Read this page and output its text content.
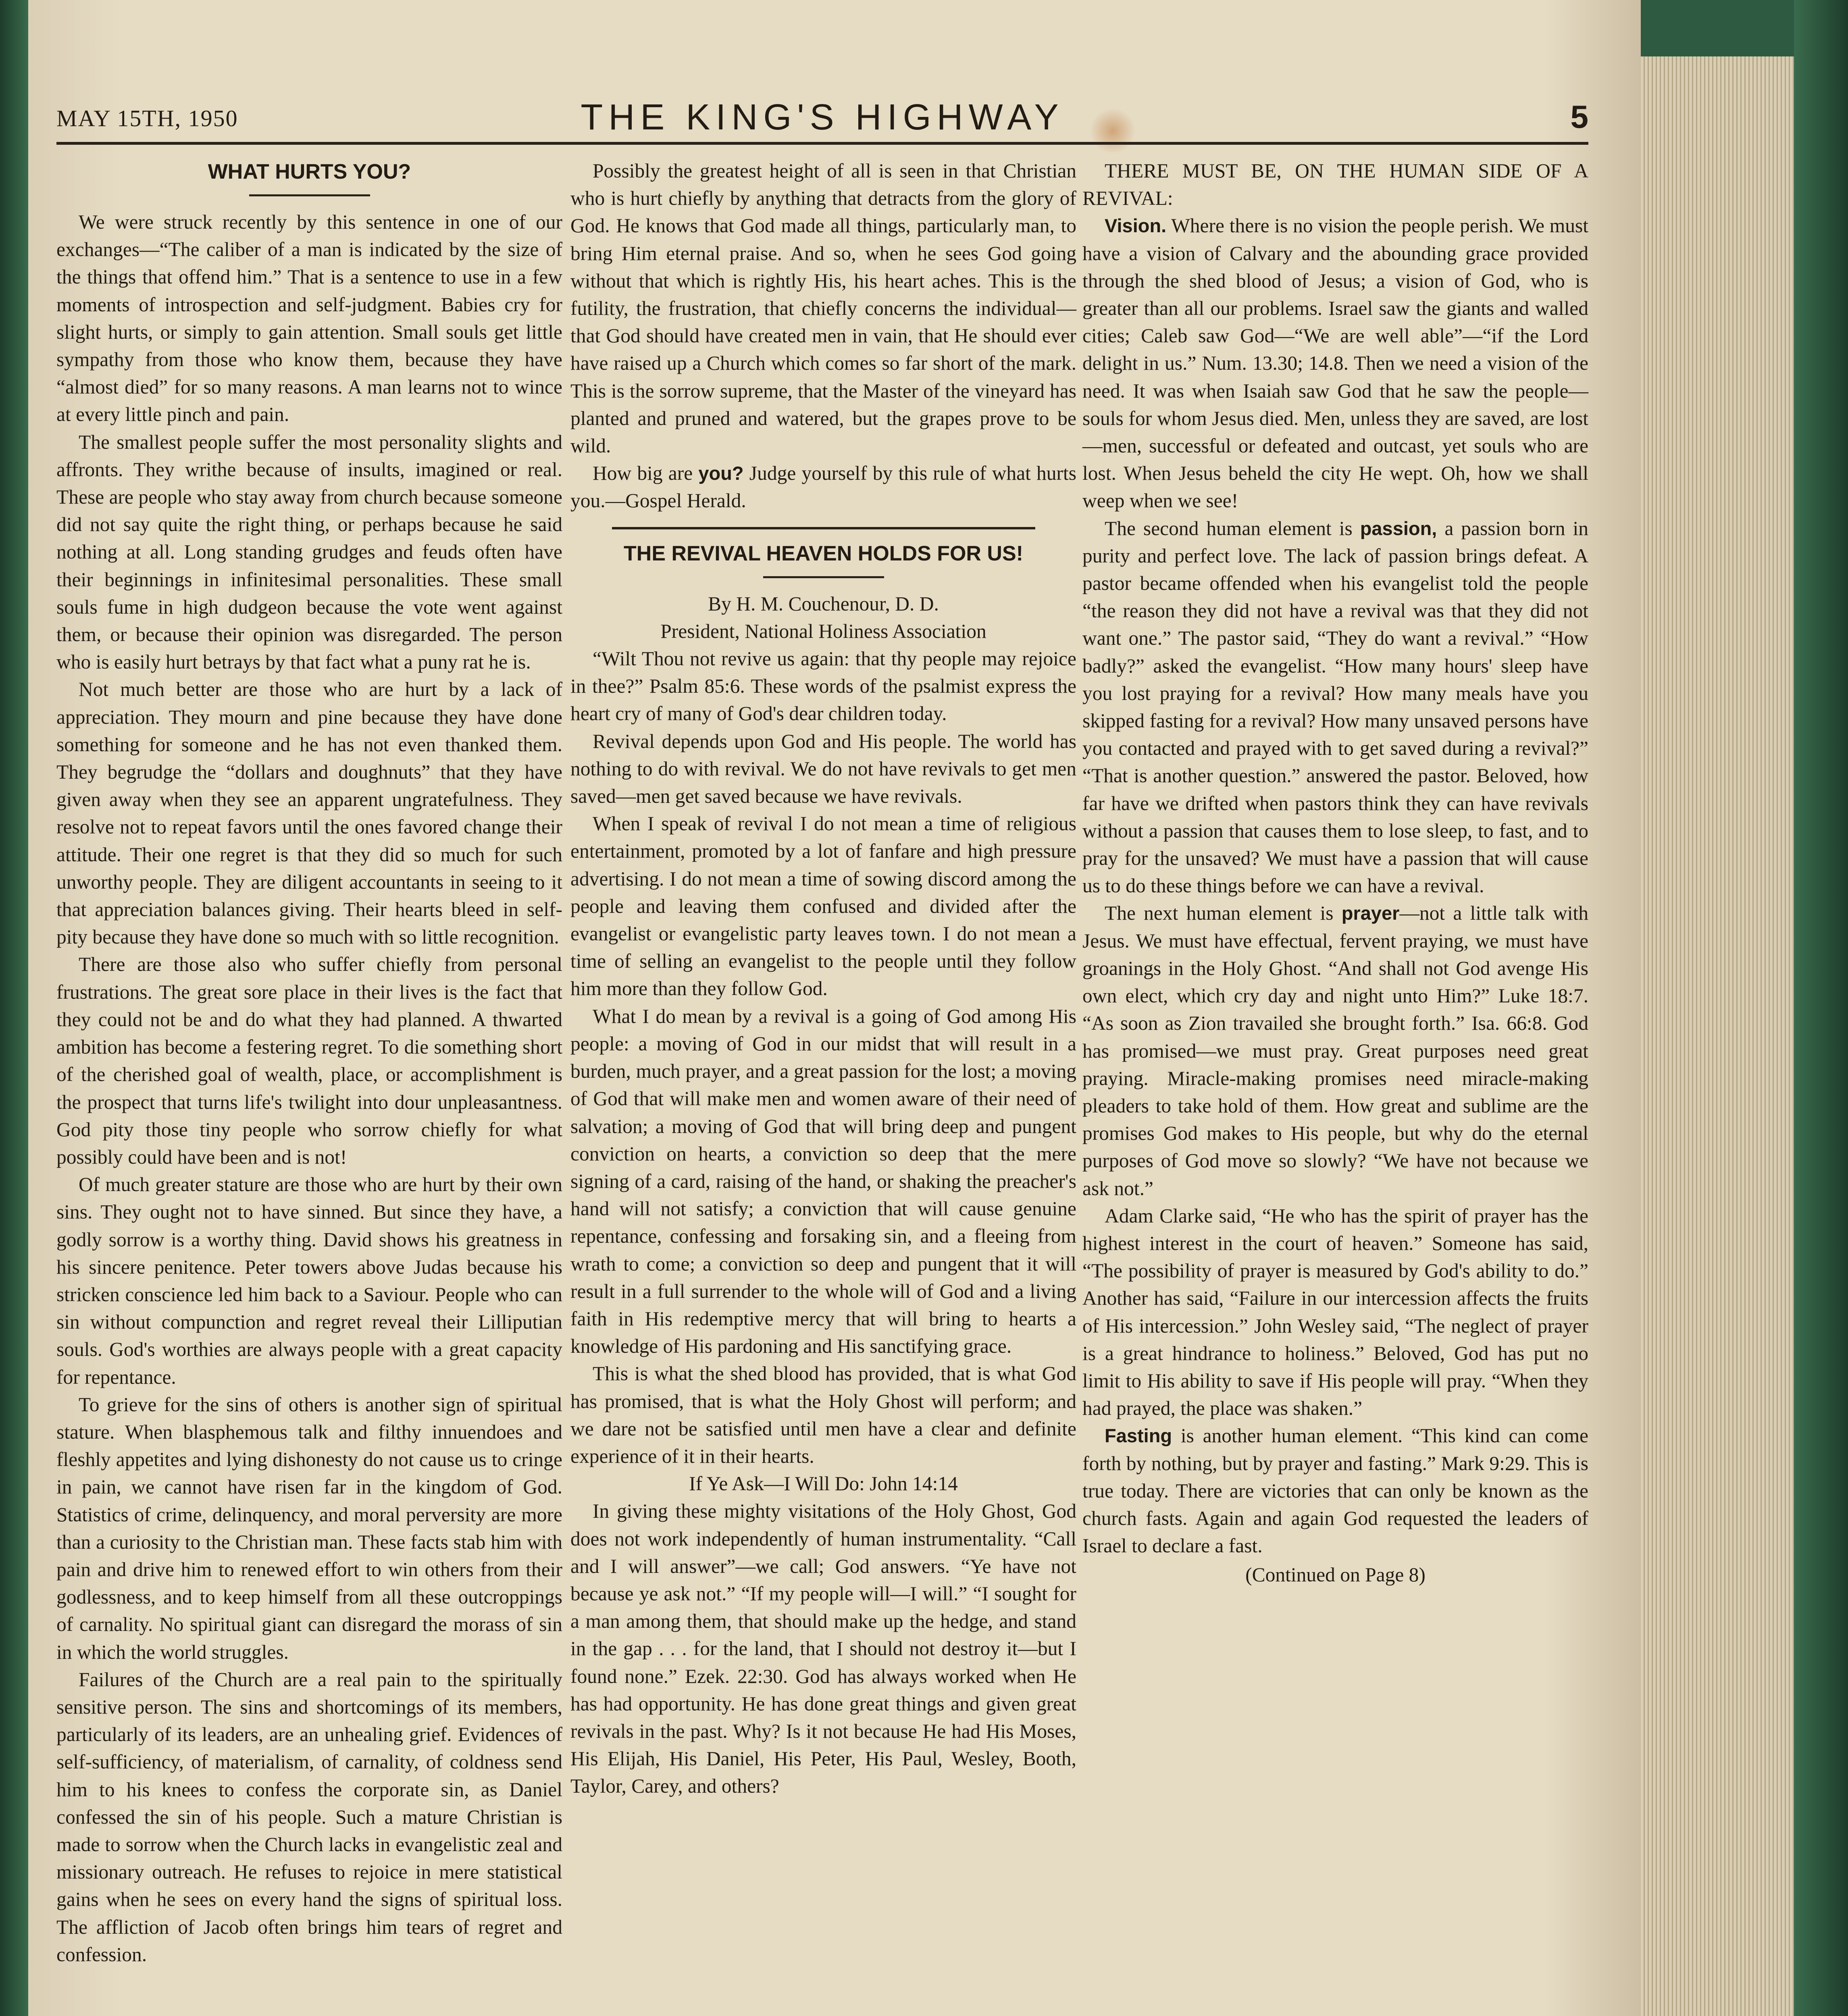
MAY 15TH, 1950	THE KING'S HIGHWAY	5
WHAT HURTS YOU?

We were struck recently by this sentence in one of our exchanges—“The caliber of a man is indicated by the size of the things that offend him.” That is a sentence to use in a few moments of introspection and self-judgment. Babies cry for slight hurts, or simply to gain attention. Small souls get little sympathy from those who know them, because they have “almost died” for so many reasons. A man learns not to wince at every little pinch and pain.

The smallest people suffer the most personality slights and affronts. They writhe because of insults, imagined or real. These are people who stay away from church because someone did not say quite the right thing, or perhaps because he said nothing at all. Long standing grudges and feuds often have their beginnings in infinitesimal personalities. These small souls fume in high dudgeon because the vote went against them, or because their opinion was disregarded. The person who is easily hurt betrays by that fact what a puny rat he is.

Not much better are those who are hurt by a lack of appreciation. They mourn and pine because they have done something for someone and he has not even thanked them. They begrudge the “dollars and doughnuts” that they have given away when they see an apparent ungratefulness. They resolve not to repeat favors until the ones favored change their attitude. Their one regret is that they did so much for such unworthy people. They are diligent accountants in seeing to it that appreciation balances giving. Their hearts bleed in self-pity because they have done so much with so little recognition.

There are those also who suffer chiefly from personal frustrations. The great sore place in their lives is the fact that they could not be and do what they had planned. A thwarted ambition has become a festering regret. To die something short of the cherished goal of wealth, place, or accomplishment is the prospect that turns life's twilight into dour unpleasantness. God pity those tiny people who sorrow chiefly for what possibly could have been and is not!

Of much greater stature are those who are hurt by their own sins. They ought not to have sinned. But since they have, a godly sorrow is a worthy thing. David shows his greatness in his sincere penitence. Peter towers above Judas because his stricken conscience led him back to a Saviour. People who can sin without compunction and regret reveal their Lilliputian souls. God's worthies are always people with a great capacity for repentance.

To grieve for the sins of others is another sign of spiritual stature. When blasphemous talk and filthy innuendoes and fleshly appetites and lying dishonesty do not cause us to cringe in pain, we cannot have risen far in the kingdom of God. Statistics of crime, delinquency, and moral perversity are more than a curiosity to the Christian man. These facts stab him with pain and drive him to renewed effort to win others from their godlessness, and to keep himself from all these outcroppings of carnality. No spiritual giant can disregard the morass of sin in which the world struggles.

Failures of the Church are a real pain to the spiritually sensitive person. The sins and shortcomings of its members, particularly of its leaders, are an unhealing grief. Evidences of self-sufficiency, of materialism, of carnality, of coldness send him to his knees to confess the corporate sin, as Daniel confessed the sin of his people. Such a mature Christian is made to sorrow when the Church lacks in evangelistic zeal and missionary outreach. He refuses to rejoice in mere statistical gains when he sees on every hand the signs of spiritual loss. The affliction of Jacob often brings him tears of regret and confession.

Possibly the greatest height of all is seen in that Christian who is hurt chiefly by anything that detracts from the glory of God. He knows that God made all things, particularly man, to bring Him eternal praise. And so, when he sees God going without that which is rightly His, his heart aches. This is the futility, the frustration, that chiefly concerns the individual—that God should have created men in vain, that He should ever have raised up a Church which comes so far short of the mark. This is the sorrow supreme, that the Master of the vineyard has planted and pruned and watered, but the grapes prove to be wild.

How big are you? Judge yourself by this rule of what hurts you.—Gospel Herald.

THE REVIVAL HEAVEN HOLDS FOR US!

By H. M. Couchenour, D. D.

President, National Holiness Association

“Wilt Thou not revive us again: that thy people may rejoice in thee?” Psalm 85:6. These words of the psalmist express the heart cry of many of God's dear children today.

Revival depends upon God and His people. The world has nothing to do with revival. We do not have revivals to get men saved—men get saved because we have revivals.

When I speak of revival I do not mean a time of religious entertainment, promoted by a lot of fanfare and high pressure advertising. I do not mean a time of sowing discord among the people and leaving them confused and divided after the evangelist or evangelistic party leaves town. I do not mean a time of selling an evangelist to the people until they follow him more than they follow God.

What I do mean by a revival is a going of God among His people: a moving of God in our midst that will result in a burden, much prayer, and a great passion for the lost; a moving of God that will make men and women aware of their need of salvation; a moving of God that will bring deep and pungent conviction on hearts, a conviction so deep that the mere signing of a card, raising of the hand, or shaking the preacher's hand will not satisfy; a conviction that will cause genuine repentance, confessing and forsaking sin, and a fleeing from wrath to come; a conviction so deep and pungent that it will result in a full surrender to the whole will of God and a living faith in His redemptive mercy that will bring to hearts a knowledge of His pardoning and His sanctifying grace.

This is what the shed blood has provided, that is what God has promised, that is what the Holy Ghost will perform; and we dare not be satisfied until men have a clear and definite experience of it in their hearts.

If Ye Ask—I Will Do: John 14:14

In giving these mighty visitations of the Holy Ghost, God does not work independently of human instrumentality. “Call and I will answer”—we call; God answers. “Ye have not because ye ask not.” “If my people will—I will.” “I sought for a man among them, that should make up the hedge, and stand in the gap . . . for the land, that I should not destroy it—but I found none.” Ezek. 22:30. God has always worked when He has had opportunity. He has done great things and given great revivals in the past. Why? Is it not because He had His Moses, His Elijah, His Daniel, His Peter, His Paul, Wesley, Booth, Taylor, Carey, and others?

THERE MUST BE, ON THE HUMAN SIDE OF A REVIVAL:

Vision. Where there is no vision the people perish. We must have a vision of Calvary and the abounding grace provided through the shed blood of Jesus; a vision of God, who is greater than all our problems. Israel saw the giants and walled cities; Caleb saw God—“We are well able”—“if the Lord delight in us.” Num. 13.30; 14.8. Then we need a vision of the need. It was when Isaiah saw God that he saw the people—souls for whom Jesus died. Men, unless they are saved, are lost—men, successful or defeated and outcast, yet souls who are lost. When Jesus beheld the city He wept. Oh, how we shall weep when we see!

The second human element is passion, a passion born in purity and perfect love. The lack of passion brings defeat. A pastor became offended when his evangelist told the people “the reason they did not have a revival was that they did not want one.” The pastor said, “They do want a revival.” “How badly?” asked the evangelist. “How many hours' sleep have you lost praying for a revival? How many meals have you skipped fasting for a revival? How many unsaved persons have you contacted and prayed with to get saved during a revival?” “That is another question.” answered the pastor. Beloved, how far have we drifted when pastors think they can have revivals without a passion that causes them to lose sleep, to fast, and to pray for the unsaved? We must have a passion that will cause us to do these things before we can have a revival.

The next human element is prayer—not a little talk with Jesus. We must have effectual, fervent praying, we must have groanings in the Holy Ghost. “And shall not God avenge His own elect, which cry day and night unto Him?” Luke 18:7. “As soon as Zion travailed she brought forth.” Isa. 66:8. God has promised—we must pray. Great purposes need great praying. Miracle-making promises need miracle-making pleaders to take hold of them. How great and sublime are the promises God makes to His people, but why do the eternal purposes of God move so slowly? “We have not because we ask not.”

Adam Clarke said, “He who has the spirit of prayer has the highest interest in the court of heaven.” Someone has said, “The possibility of prayer is measured by God's ability to do.” Another has said, “Failure in our intercession affects the fruits of His intercession.” John Wesley said, “The neglect of prayer is a great hindrance to holiness.” Beloved, God has put no limit to His ability to save if His people will pray. “When they had prayed, the place was shaken.”

Fasting is another human element. “This kind can come forth by nothing, but by prayer and fasting.” Mark 9:29. This is true today. There are victories that can only be known as the church fasts. Again and again God requested the leaders of Israel to declare a fast.

(Continued on Page 8)
